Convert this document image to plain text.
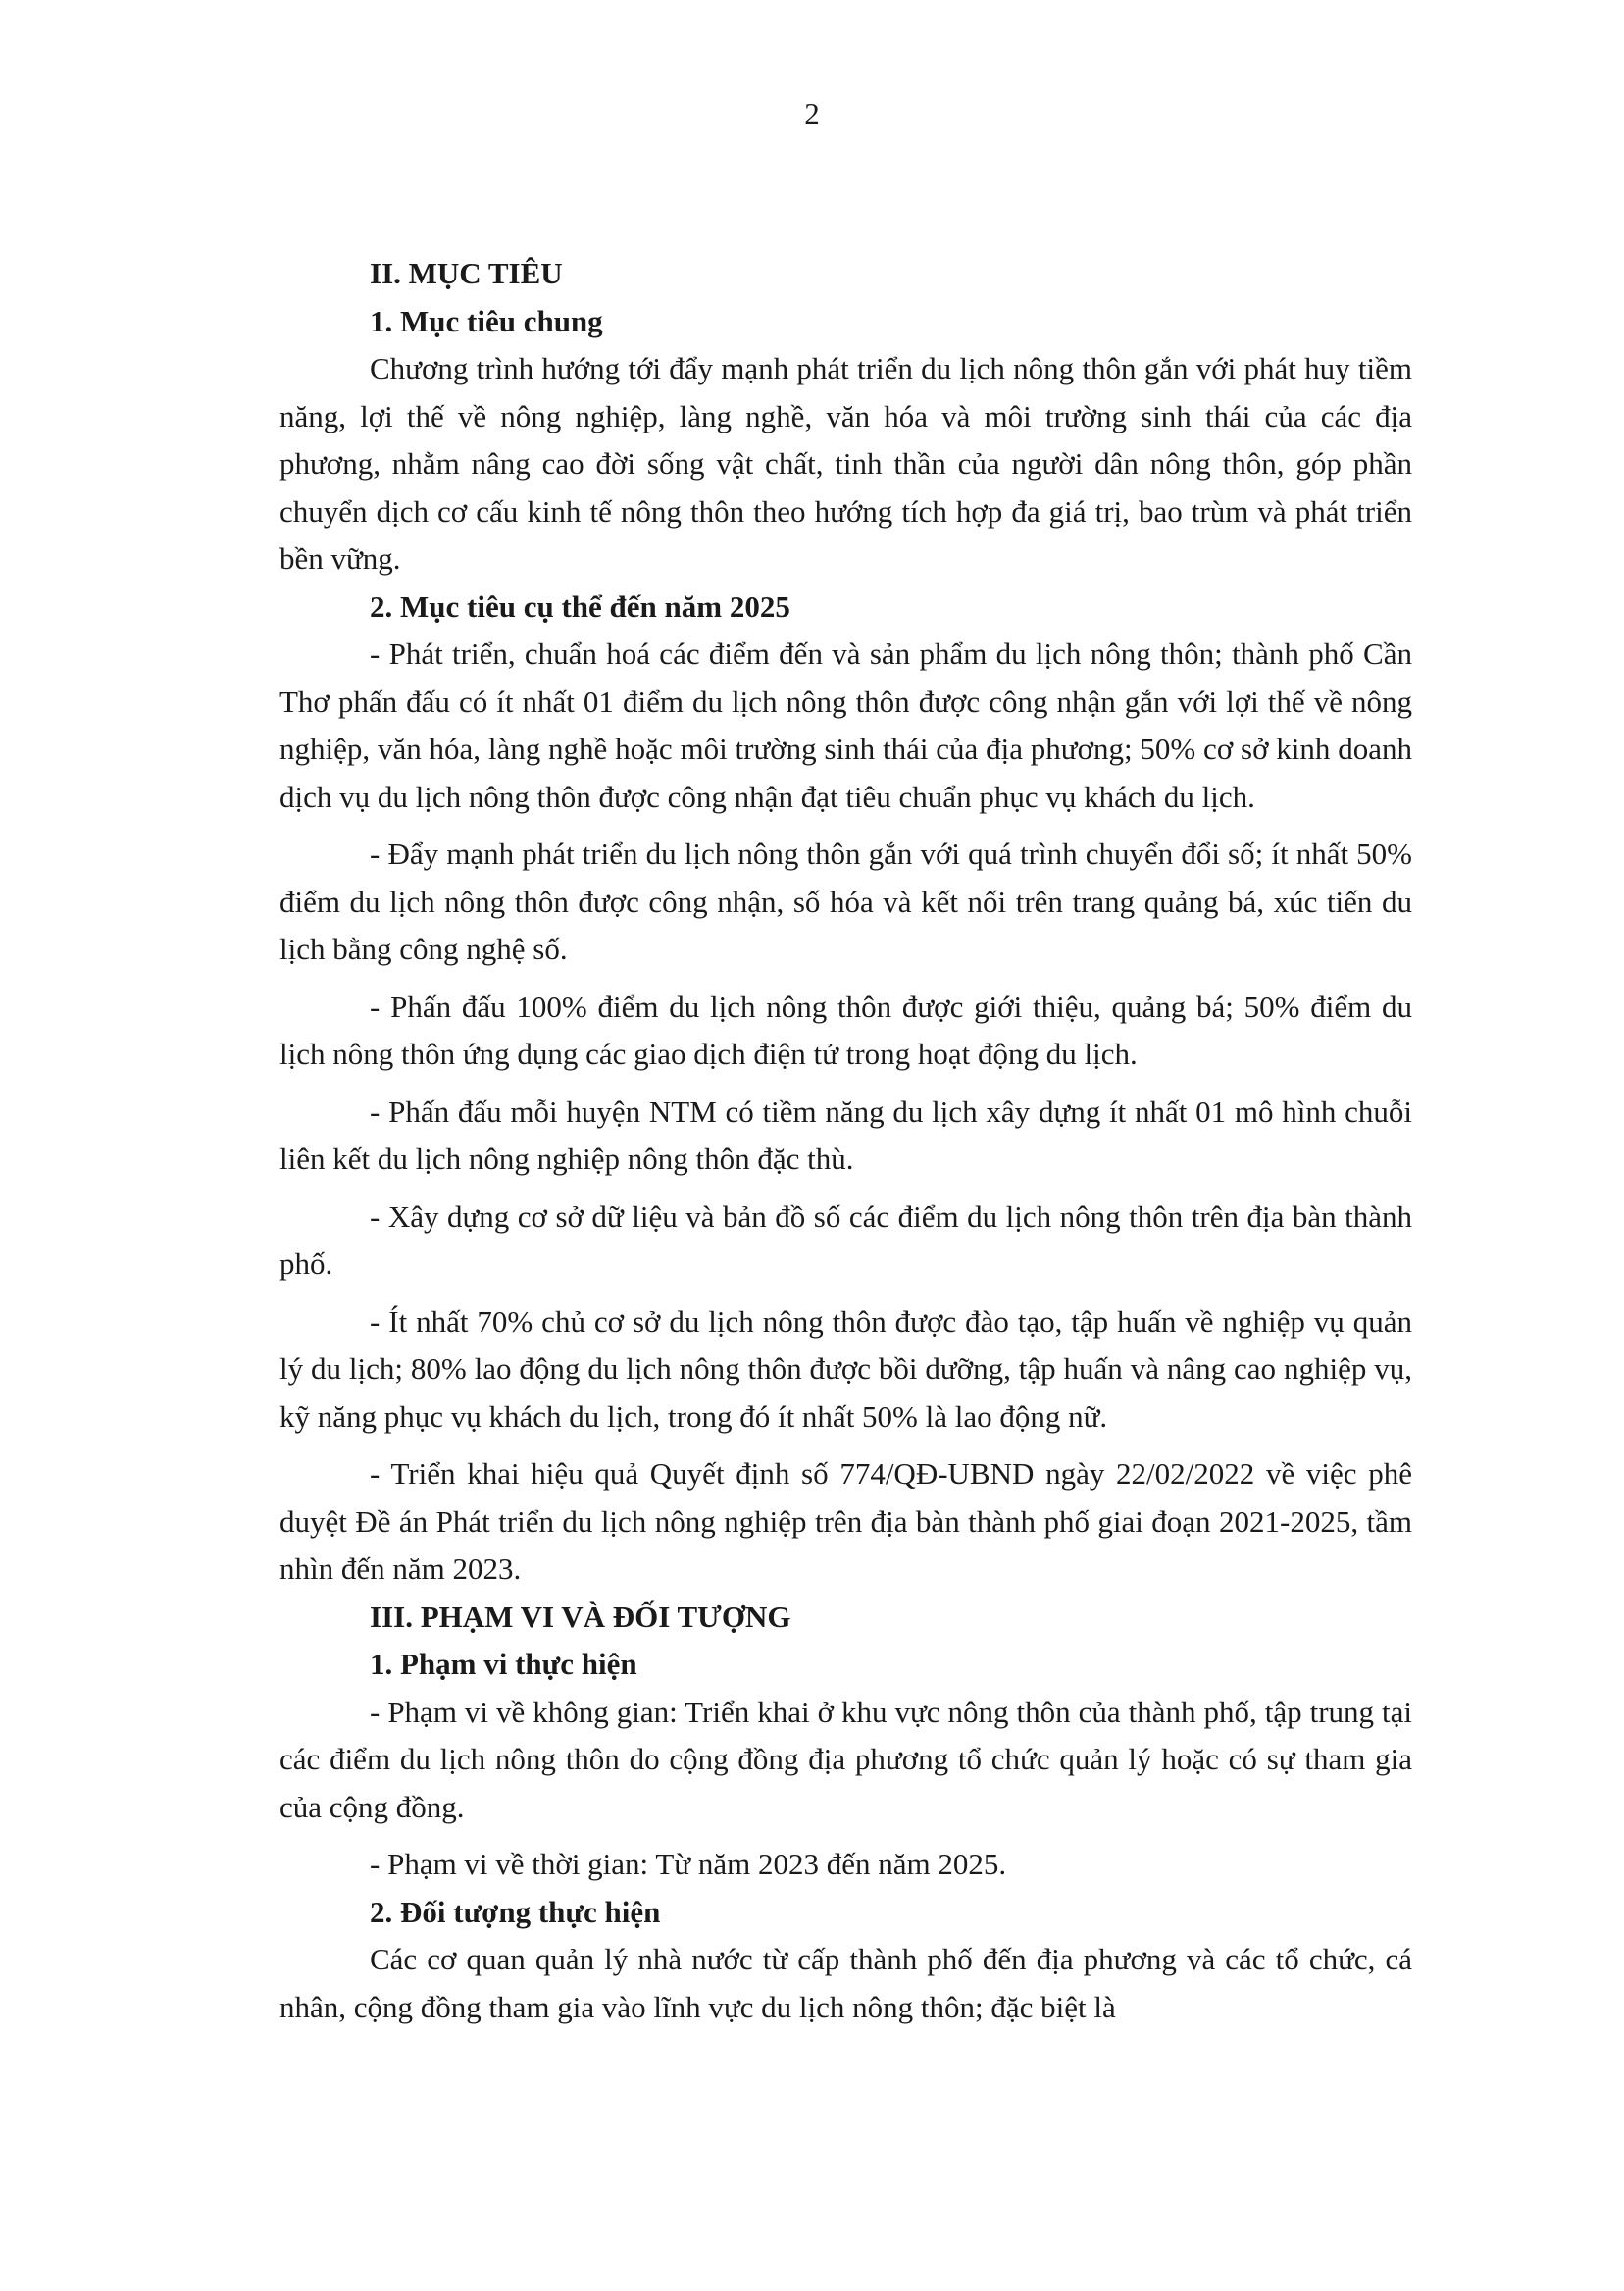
2
II. MỤC TIÊU
1. Mục tiêu chung

Chương trình hướng tới đẩy mạnh phát triển du lịch nông thôn gắn với phát huy tiềm năng, lợi thế về nông nghiệp, làng nghề, văn hóa và môi trường sinh thái của các địa phương, nhằm nâng cao đời sống vật chất, tinh thần của người dân nông thôn, góp phần chuyển dịch cơ cấu kinh tế nông thôn theo hướng tích hợp đa giá trị, bao trùm và phát triển bền vững.

2. Mục tiêu cụ thể đến năm 2025

- Phát triển, chuẩn hoá các điểm đến và sản phẩm du lịch nông thôn; thành phố Cần Thơ phấn đấu có ít nhất 01 điểm du lịch nông thôn được công nhận gắn với lợi thế về nông nghiệp, văn hóa, làng nghề hoặc môi trường sinh thái của địa phương; 50% cơ sở kinh doanh dịch vụ du lịch nông thôn được công nhận đạt tiêu chuẩn phục vụ khách du lịch.

- Đẩy mạnh phát triển du lịch nông thôn gắn với quá trình chuyển đổi số; ít nhất 50% điểm du lịch nông thôn được công nhận, số hóa và kết nối trên trang quảng bá, xúc tiến du lịch bằng công nghệ số.

- Phấn đấu 100% điểm du lịch nông thôn được giới thiệu, quảng bá; 50% điểm du lịch nông thôn ứng dụng các giao dịch điện tử trong hoạt động du lịch.

- Phấn đấu mỗi huyện NTM có tiềm năng du lịch xây dựng ít nhất 01 mô hình chuỗi liên kết du lịch nông nghiệp nông thôn đặc thù.

- Xây dựng cơ sở dữ liệu và bản đồ số các điểm du lịch nông thôn trên địa bàn thành phố.

- Ít nhất 70% chủ cơ sở du lịch nông thôn được đào tạo, tập huấn về nghiệp vụ quản lý du lịch; 80% lao động du lịch nông thôn được bồi dưỡng, tập huấn và nâng cao nghiệp vụ, kỹ năng phục vụ khách du lịch, trong đó ít nhất 50% là lao động nữ.

- Triển khai hiệu quả Quyết định số 774/QĐ-UBND ngày 22/02/2022 về việc phê duyệt Đề án Phát triển du lịch nông nghiệp trên địa bàn thành phố giai đoạn 2021-2025, tầm nhìn đến năm 2023.

III. PHẠM VI VÀ ĐỐI TƯỢNG
1. Phạm vi thực hiện

- Phạm vi về không gian: Triển khai ở khu vực nông thôn của thành phố, tập trung tại các điểm du lịch nông thôn do cộng đồng địa phương tổ chức quản lý hoặc có sự tham gia của cộng đồng.

- Phạm vi về thời gian: Từ năm 2023 đến năm 2025.

2. Đối tượng thực hiện

Các cơ quan quản lý nhà nước từ cấp thành phố đến địa phương và các tổ chức, cá nhân, cộng đồng tham gia vào lĩnh vực du lịch nông thôn; đặc biệt là
